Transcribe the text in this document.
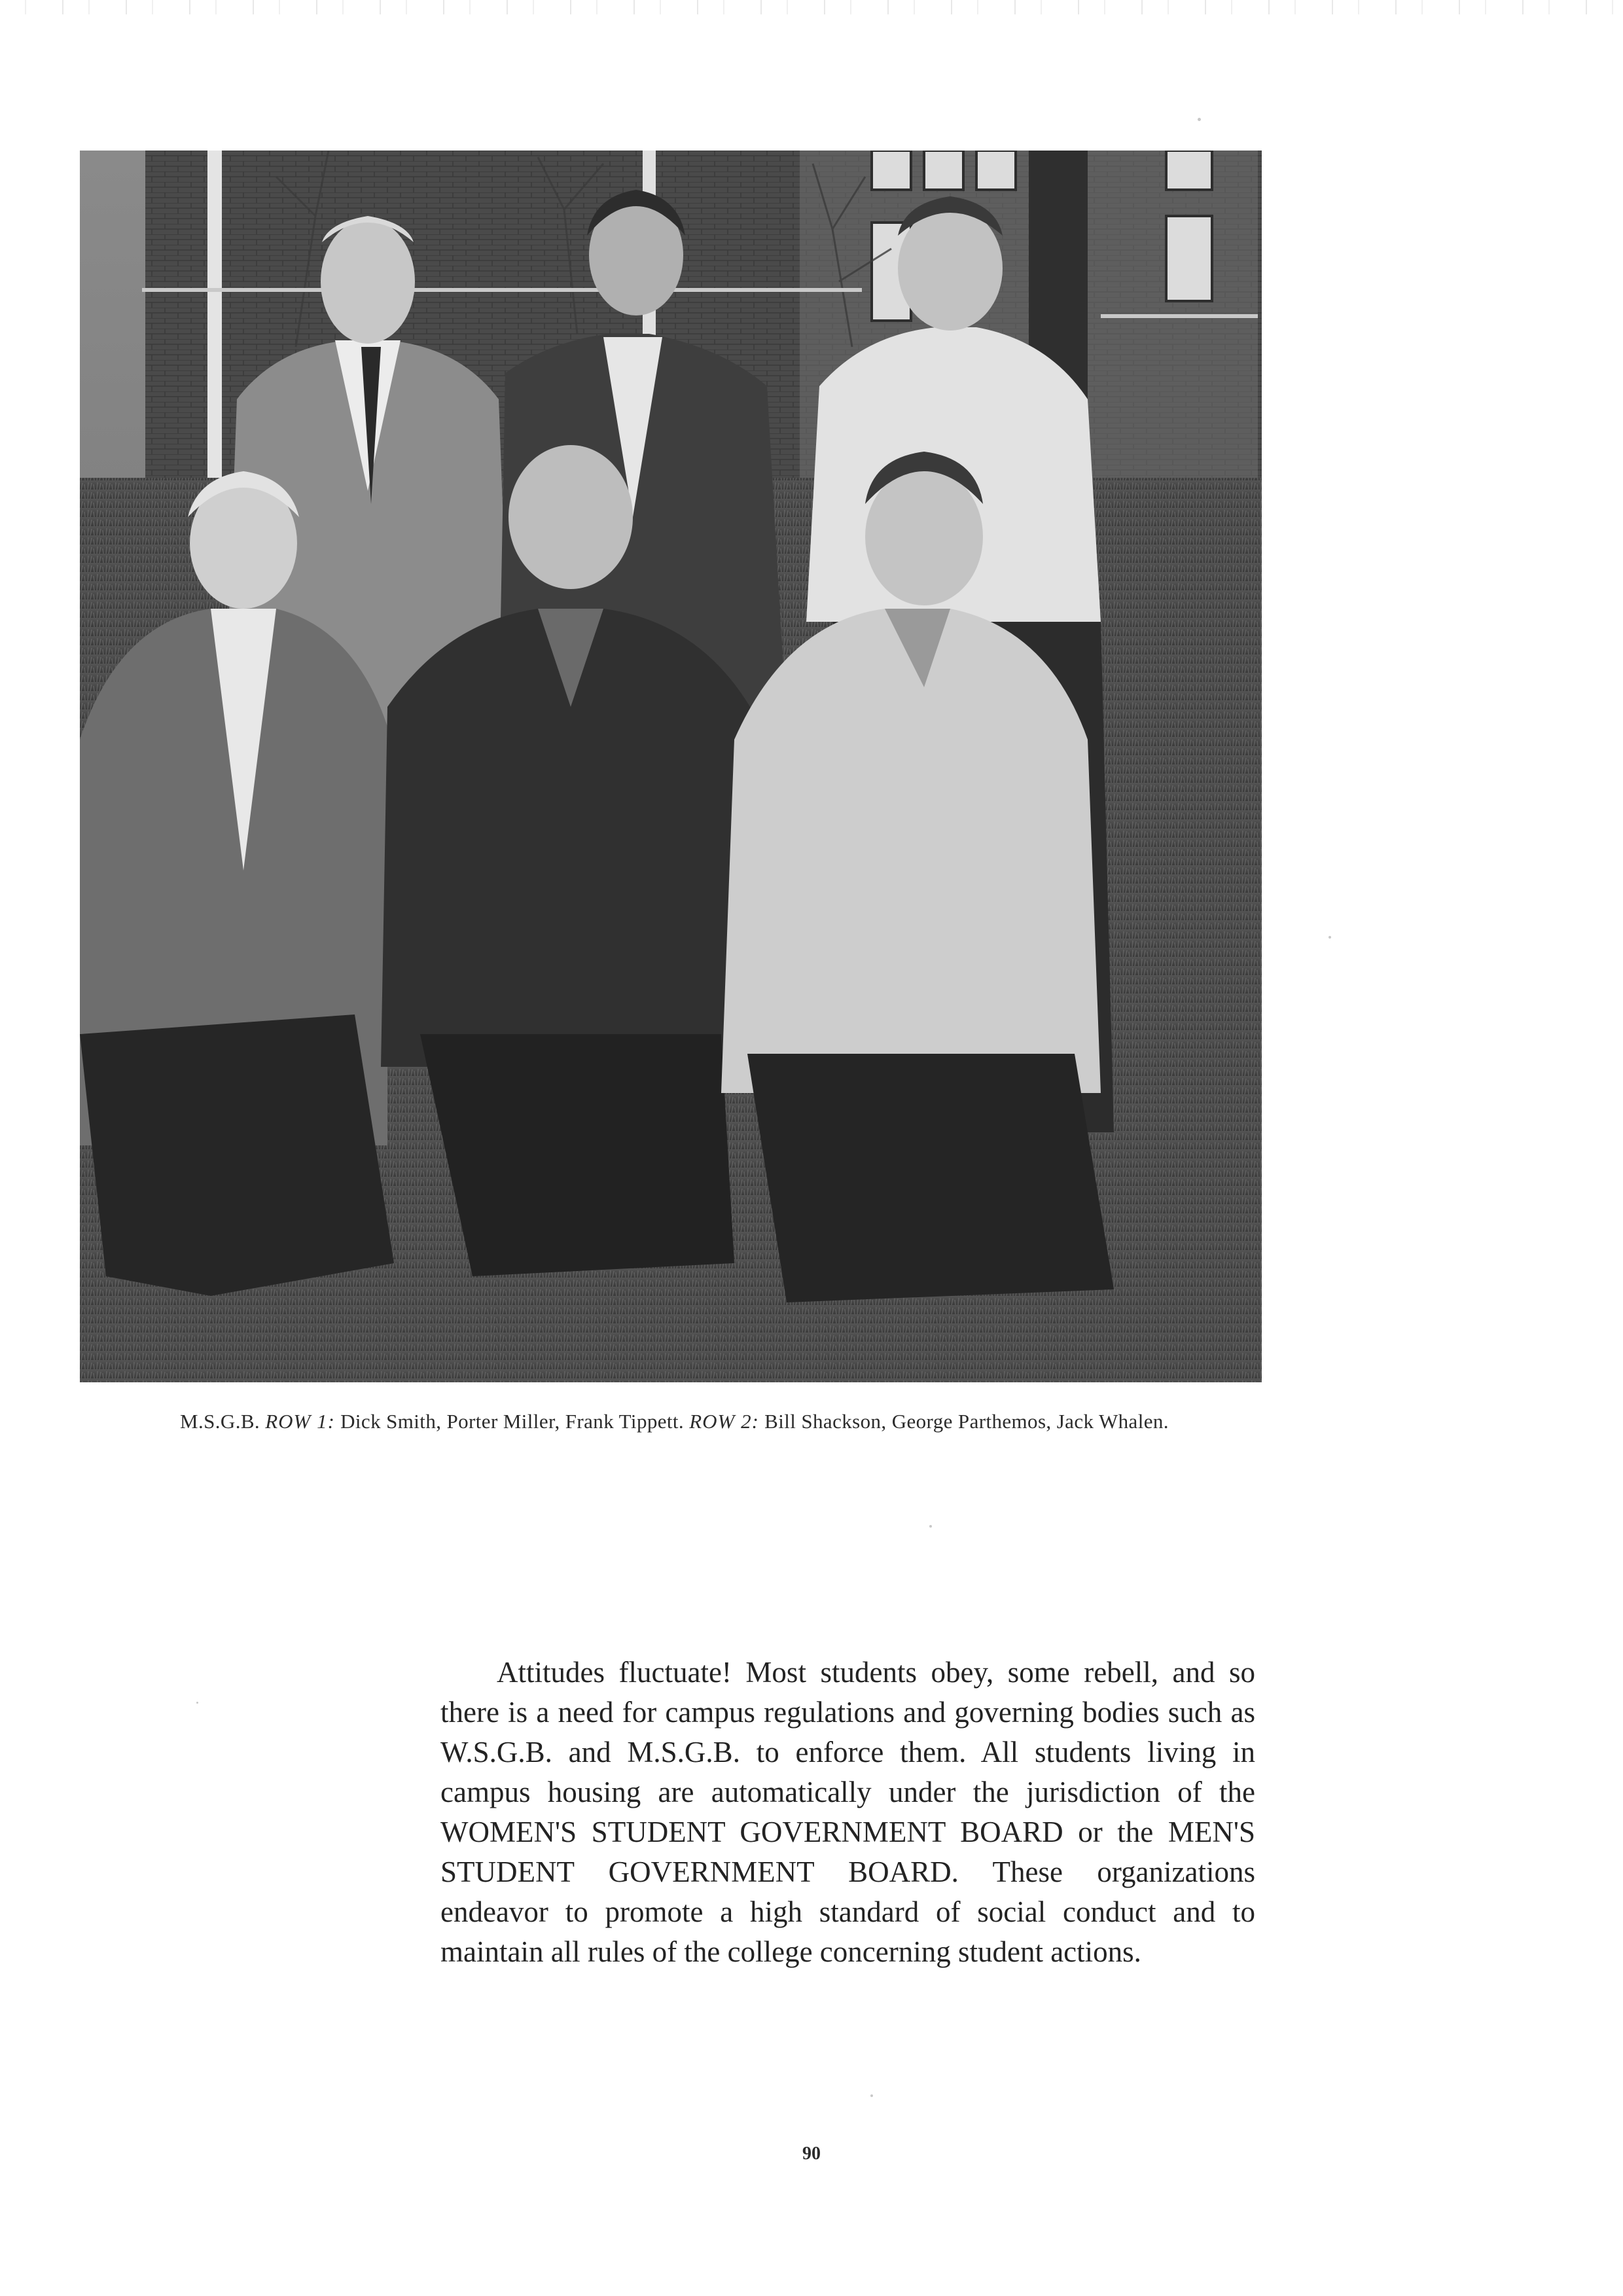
M.S.G.B. ROW 1: Dick Smith, Porter Miller, Frank Tippett. ROW 2: Bill Shackson, George Parthemos, Jack Whalen.

Attitudes fluctuate! Most students obey, some rebell, and so there is a need for campus regulations and governing bodies such as W.S.G.B. and M.S.G.B. to enforce them. All students living in campus housing are automatically under the jurisdiction of the WOMEN'S STUDENT GOVERNMENT BOARD or the MEN'S STUDENT GOVERNMENT BOARD. These organizations endeavor to promote a high standard of social conduct and to maintain all rules of the college concerning student actions.

90
